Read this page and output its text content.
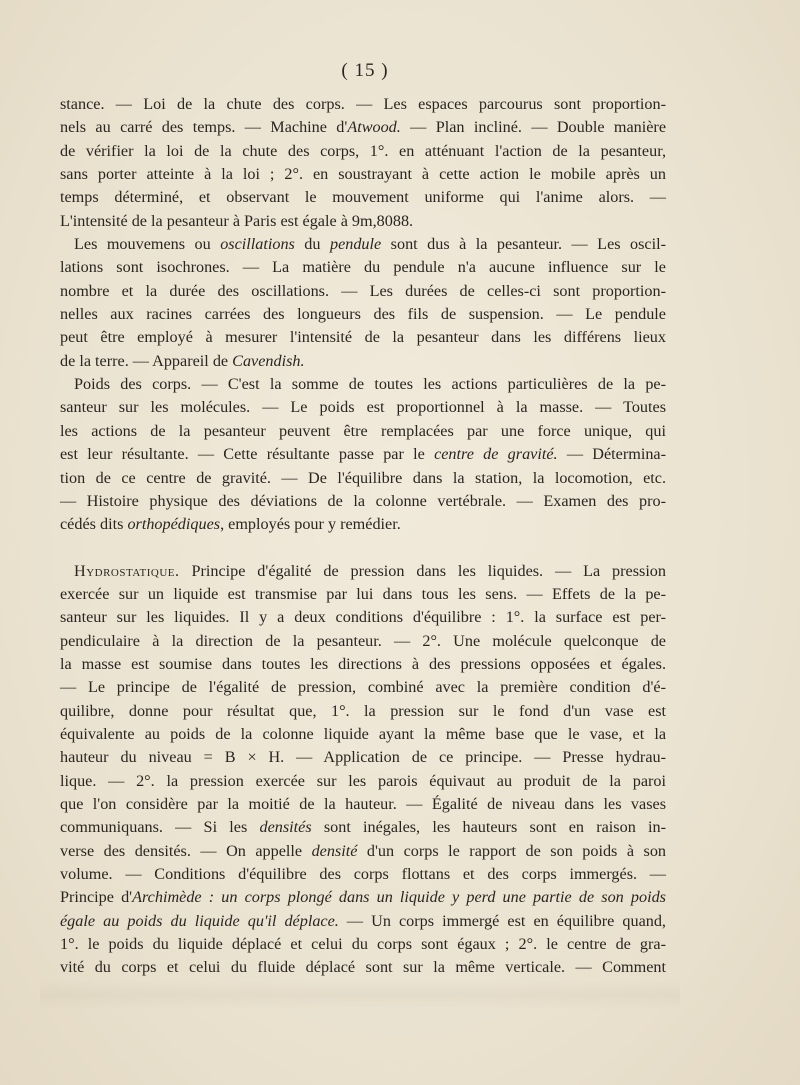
( 15 )
stance. — Loi de la chute des corps. — Les espaces parcourus sont proportion-
nels au carré des temps. — Machine d'Atwood. — Plan incliné. — Double manière
de vérifier la loi de la chute des corps, 1°. en atténuant l'action de la pesanteur,
sans porter atteinte à la loi ; 2°. en soustrayant à cette action le mobile après un
temps déterminé, et observant le mouvement uniforme qui l'anime alors. —
L'intensité de la pesanteur à Paris est égale à 9m,8088.
Les mouvemens ou oscillations du pendule sont dus à la pesanteur. — Les oscil-
lations sont isochrones. — La matière du pendule n'a aucune influence sur le
nombre et la durée des oscillations. — Les durées de celles-ci sont proportion-
nelles aux racines carrées des longueurs des fils de suspension. — Le pendule
peut être employé à mesurer l'intensité de la pesanteur dans les différens lieux
de la terre. — Appareil de Cavendish.
Poids des corps. — C'est la somme de toutes les actions particulières de la pe-
santeur sur les molécules. — Le poids est proportionnel à la masse. — Toutes
les actions de la pesanteur peuvent être remplacées par une force unique, qui
est leur résultante. — Cette résultante passe par le centre de gravité. — Détermina-
tion de ce centre de gravité. — De l'équilibre dans la station, la locomotion, etc.
— Histoire physique des déviations de la colonne vertébrale. — Examen des pro-
cédés dits orthopédiques, employés pour y remédier.
Hydrostatique. Principe d'égalité de pression dans les liquides. — La pression
exercée sur un liquide est transmise par lui dans tous les sens. — Effets de la pe-
santeur sur les liquides. Il y a deux conditions d'équilibre : 1°. la surface est per-
pendiculaire à la direction de la pesanteur. — 2°. Une molécule quelconque de
la masse est soumise dans toutes les directions à des pressions opposées et égales.
— Le principe de l'égalité de pression, combiné avec la première condition d'é-
quilibre, donne pour résultat que, 1°. la pression sur le fond d'un vase est
équivalente au poids de la colonne liquide ayant la même base que le vase, et la
hauteur du niveau = B × H. — Application de ce principe. — Presse hydrau-
lique. — 2°. la pression exercée sur les parois équivaut au produit de la paroi
que l'on considère par la moitié de la hauteur. — Égalité de niveau dans les vases
communiquans. — Si les densités sont inégales, les hauteurs sont en raison in-
verse des densités. — On appelle densité d'un corps le rapport de son poids à son
volume. — Conditions d'équilibre des corps flottans et des corps immergés. —
Principe d'Archimède : un corps plongé dans un liquide y perd une partie de son poids
égale au poids du liquide qu'il déplace. — Un corps immergé est en équilibre quand,
1°. le poids du liquide déplacé et celui du corps sont égaux ; 2°. le centre de gra-
vité du corps et celui du fluide déplacé sont sur la même verticale. — Comment
